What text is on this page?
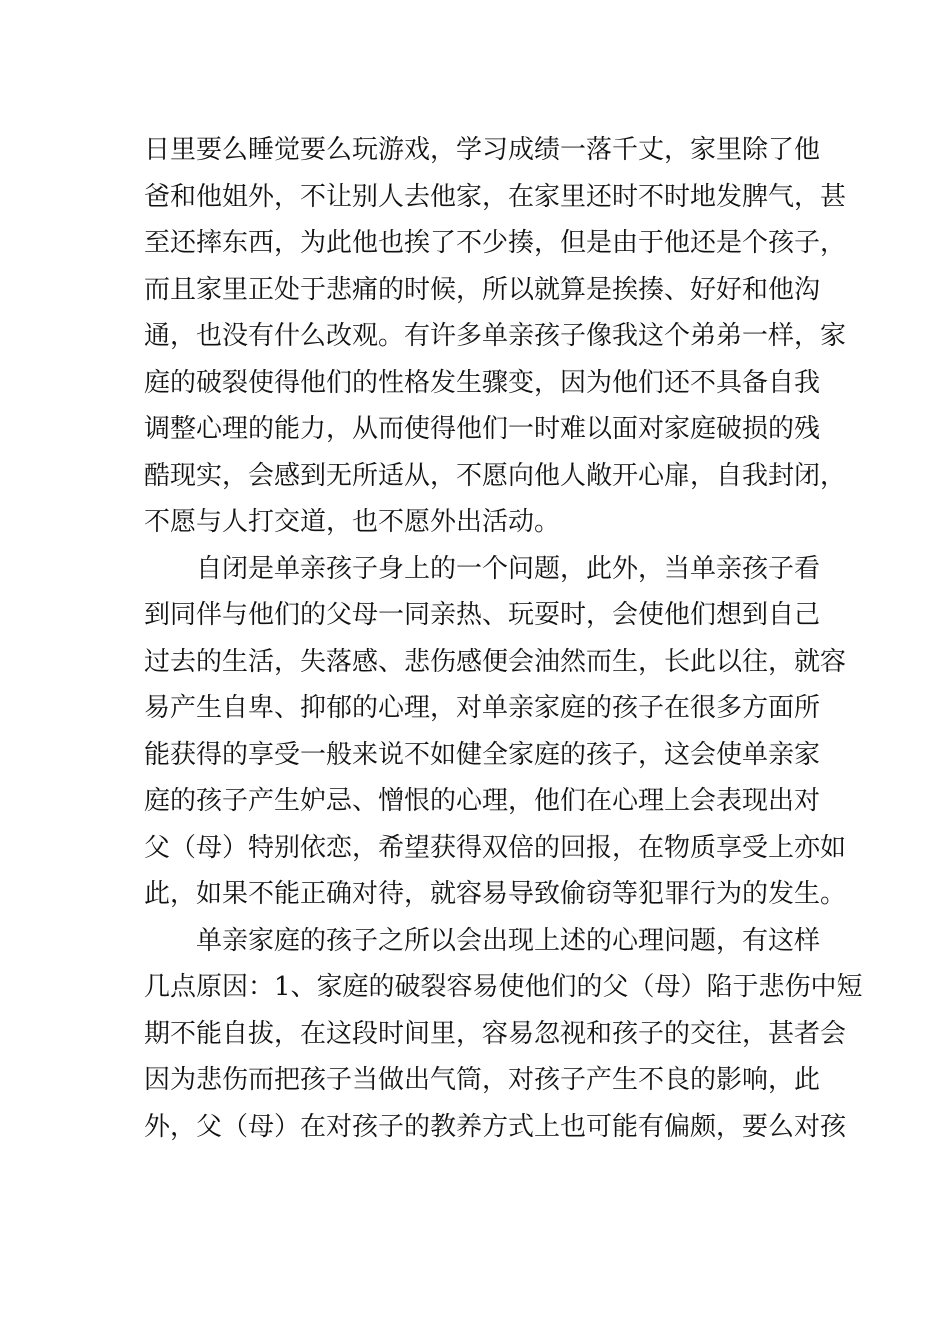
日里要么睡觉要么玩游戏，学习成绩一落千丈，家里除了他
爸和他姐外，不让别人去他家，在家里还时不时地发脾气，甚
至还摔东西，为此他也挨了不少揍，但是由于他还是个孩子，
而且家里正处于悲痛的时候，所以就算是挨揍、好好和他沟
通，也没有什么改观。有许多单亲孩子像我这个弟弟一样，家
庭的破裂使得他们的性格发生骤变，因为他们还不具备自我
调整心理的能力，从而使得他们一时难以面对家庭破损的残
酷现实，会感到无所适从，不愿向他人敞开心扉，自我封闭，
不愿与人打交道，也不愿外出活动。
自闭是单亲孩子身上的一个问题，此外，当单亲孩子看
到同伴与他们的父母一同亲热、玩耍时，会使他们想到自己
过去的生活，失落感、悲伤感便会油然而生，长此以往，就容
易产生自卑、抑郁的心理，对单亲家庭的孩子在很多方面所
能获得的享受一般来说不如健全家庭的孩子，这会使单亲家
庭的孩子产生妒忌、憎恨的心理，他们在心理上会表现出对
父（母）特别依恋，希望获得双倍的回报，在物质享受上亦如
此，如果不能正确对待，就容易导致偷窃等犯罪行为的发生。
单亲家庭的孩子之所以会出现上述的心理问题，有这样
几点原因：1、家庭的破裂容易使他们的父（母）陷于悲伤中短
期不能自拔，在这段时间里，容易忽视和孩子的交往，甚者会
因为悲伤而把孩子当做出气筒，对孩子产生不良的影响，此
外，父（母）在对孩子的教养方式上也可能有偏颇，要么对孩
